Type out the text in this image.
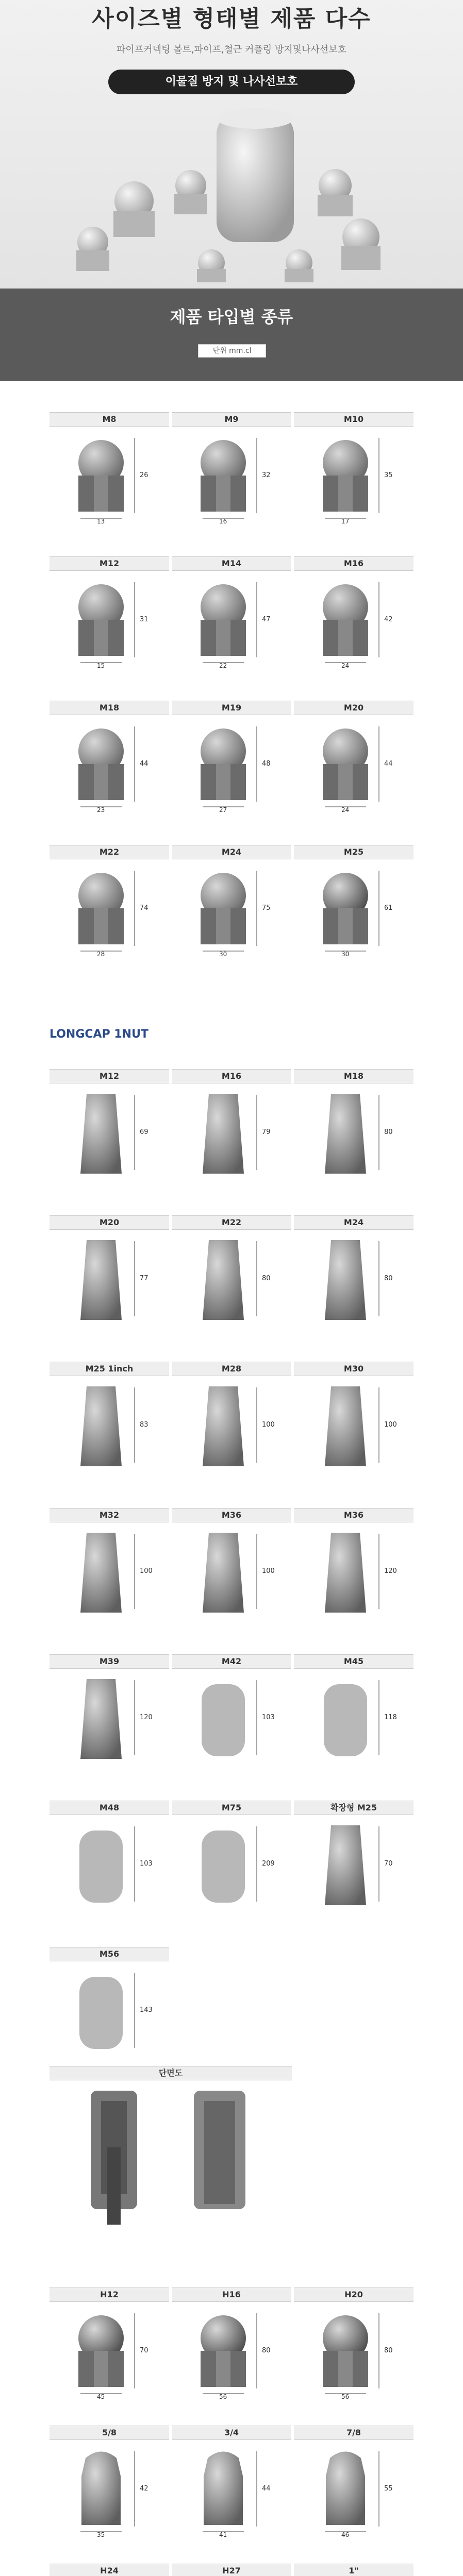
사이즈별 형태별 제품 다수
파이프커넥팅 볼트,파이프,철근 커플링 방지및나사선보호
이물질 방지 및 나사선보호
제품 타입별 종류
단위 mm.cl
M8
26
13
M9
32
16
M10
35
17
M12
31
15
M14
47
22
M16
42
24
M18
44
23
M19
48
27
M20
44
24
M22
74
28
M24
75
30
M25
61
30
LONGCAP 1NUT
M12
69
M16
79
M18
80
M20
77
M22
80
M24
80
M25 1inch
83
M28
100
M30
100
M32
100
M36
100
M36
120
M39
120
M42
103
M45
118
M48
103
M75
209
확장형 M25
70
M56
143
단면도
H12
70
45
H16
80
56
H20
80
56
5/8
42
35
3/4
44
41
7/8
55
46
H24	H27	1"
